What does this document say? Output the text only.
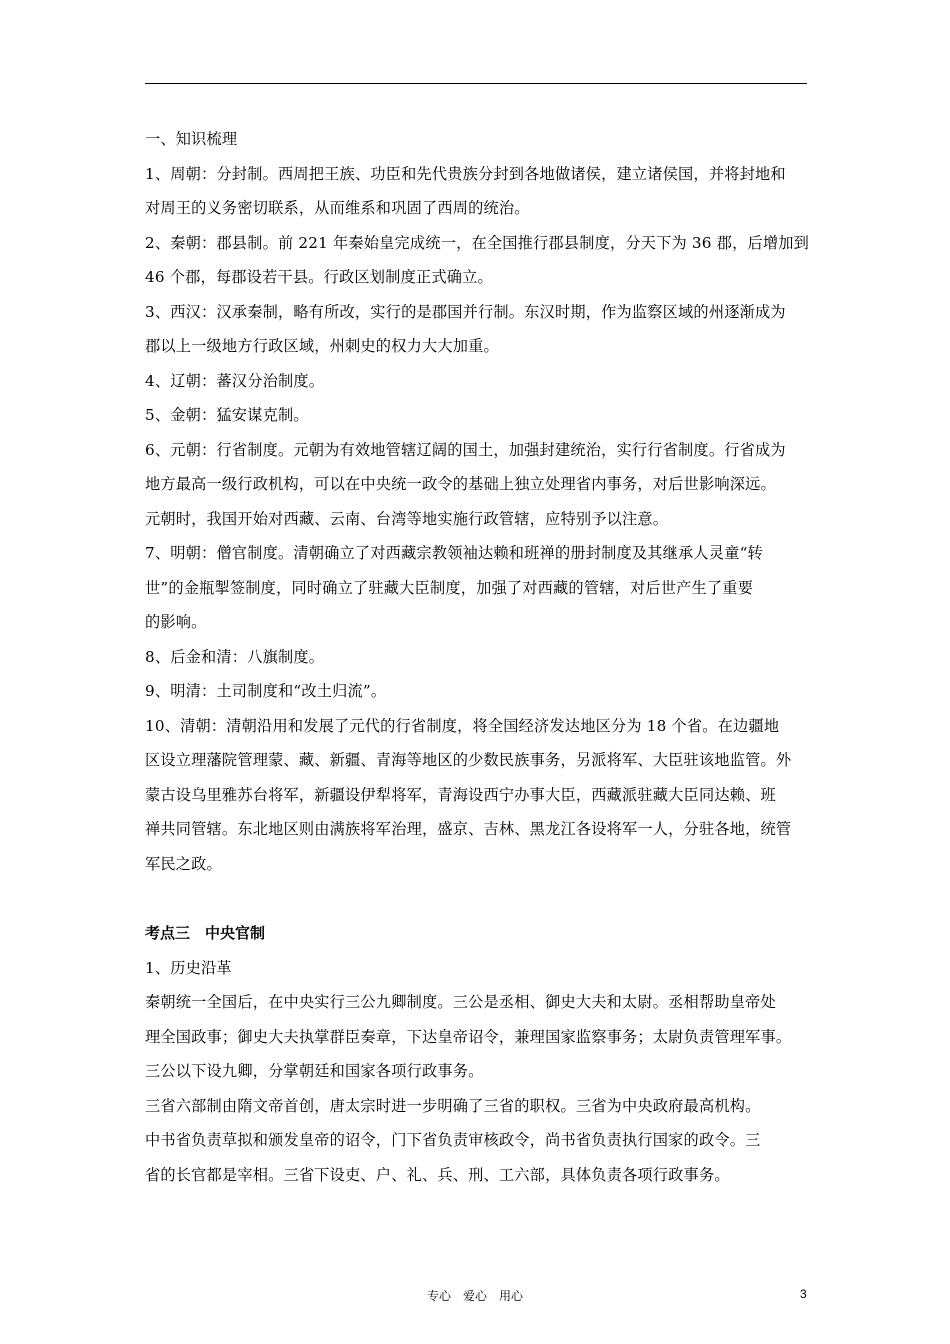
一、知识梳理

1、周朝：分封制。西周把王族、功臣和先代贵族分封到各地做诸侯，建立诸侯国，并将封地和

对周王的义务密切联系，从而维系和巩固了西周的统治。

2、秦朝：郡县制。前 221 年秦始皇完成统一，在全国推行郡县制度，分天下为 36 郡，后增加到

46 个郡，每郡设若干县。行政区划制度正式确立。

3、西汉：汉承秦制，略有所改，实行的是郡国并行制。东汉时期，作为监察区域的州逐渐成为

郡以上一级地方行政区域，州刺史的权力大大加重。

4、辽朝：蕃汉分治制度。

5、金朝：猛安谋克制。

6、元朝：行省制度。元朝为有效地管辖辽阔的国土，加强封建统治，实行行省制度。行省成为

地方最高一级行政机构，可以在中央统一政令的基础上独立处理省内事务，对后世影响深远。

元朝时，我国开始对西藏、云南、台湾等地实施行政管辖，应特别予以注意。

7、明朝：僧官制度。清朝确立了对西藏宗教领袖达赖和班禅的册封制度及其继承人灵童“转

世”的金瓶掣签制度，同时确立了驻藏大臣制度，加强了对西藏的管辖，对后世产生了重要

的影响。

8、后金和清：八旗制度。

9、明清：土司制度和“改土归流”。

10、清朝：清朝沿用和发展了元代的行省制度，将全国经济发达地区分为 18 个省。在边疆地

区设立理藩院管理蒙、藏、新疆、青海等地区的少数民族事务，另派将军、大臣驻该地监管。外

蒙古设乌里雅苏台将军，新疆设伊犁将军，青海设西宁办事大臣，西藏派驻藏大臣同达赖、班

禅共同管辖。东北地区则由满族将军治理，盛京、吉林、黑龙江各设将军一人，分驻各地，统管

军民之政。

考点三　中央官制

1、历史沿革

秦朝统一全国后，在中央实行三公九卿制度。三公是丞相、御史大夫和太尉。丞相帮助皇帝处

理全国政事；御史大夫执掌群臣奏章，下达皇帝诏令，兼理国家监察事务；太尉负责管理军事。

三公以下设九卿，分掌朝廷和国家各项行政事务。

三省六部制由隋文帝首创，唐太宗时进一步明确了三省的职权。三省为中央政府最高机构。

中书省负责草拟和颁发皇帝的诏令，门下省负责审核政令，尚书省负责执行国家的政令。三

省的长官都是宰相。三省下设吏、户、礼、兵、刑、工六部，具体负责各项行政事务。

专心　爱心　用心	3
